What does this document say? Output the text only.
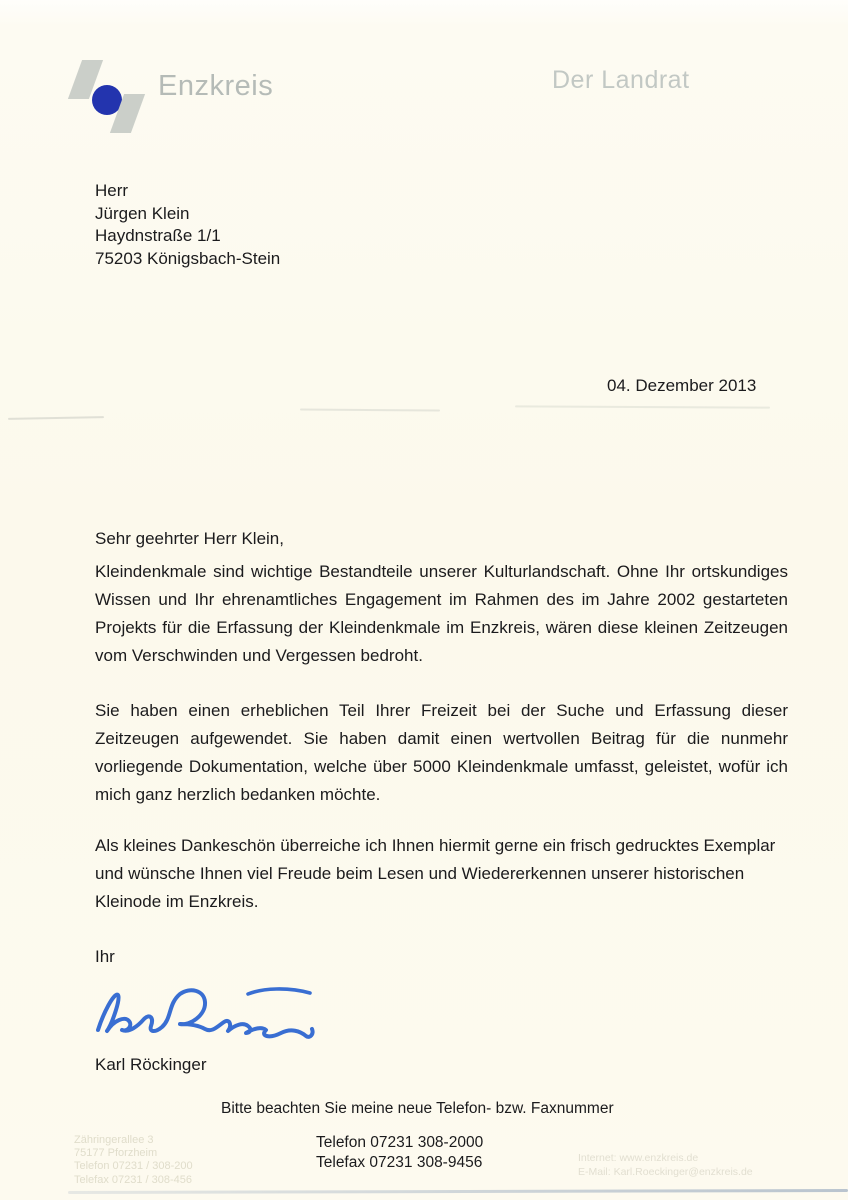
Enzkreis	Der Landrat
Herr
Jürgen Klein
Haydnstraße 1/1
75203 Königsbach-Stein
04. Dezember 2013
Sehr geehrter Herr Klein,

Kleindenkmale sind wichtige Bestandteile unserer Kulturlandschaft. Ohne Ihr ortskundiges Wissen und Ihr ehrenamtliches Engagement im Rahmen des im Jahre 2002 gestarteten Projekts für die Erfassung der Kleindenkmale im Enzkreis, wären diese kleinen Zeitzeugen vom Verschwinden und Vergessen bedroht.

Sie haben einen erheblichen Teil Ihrer Freizeit bei der Suche und Erfassung dieser Zeitzeugen aufgewendet. Sie haben damit einen wertvollen Beitrag für die nunmehr vorliegende Dokumentation, welche über 5000 Kleindenkmale umfasst, geleistet, wofür ich mich ganz herzlich bedanken möchte.

Als kleines Dankeschön überreiche ich Ihnen hiermit gerne ein frisch gedrucktes Exemplar und wünsche Ihnen viel Freude beim Lesen und Wiedererkennen unserer historischen Kleinode im Enzkreis.

Ihr
Karl Röckinger
Bitte beachten Sie meine neue Telefon- bzw. Faxnummer
Telefon 07231 308-2000
Telefax 07231 308-9456
Zähringerallee 3
75177 Pforzheim
Telefon 07231 / 308-200
Telefax 07231 / 308-456
Internet: www.enzkreis.de
E-Mail: Karl.Roeckinger@enzkreis.de
